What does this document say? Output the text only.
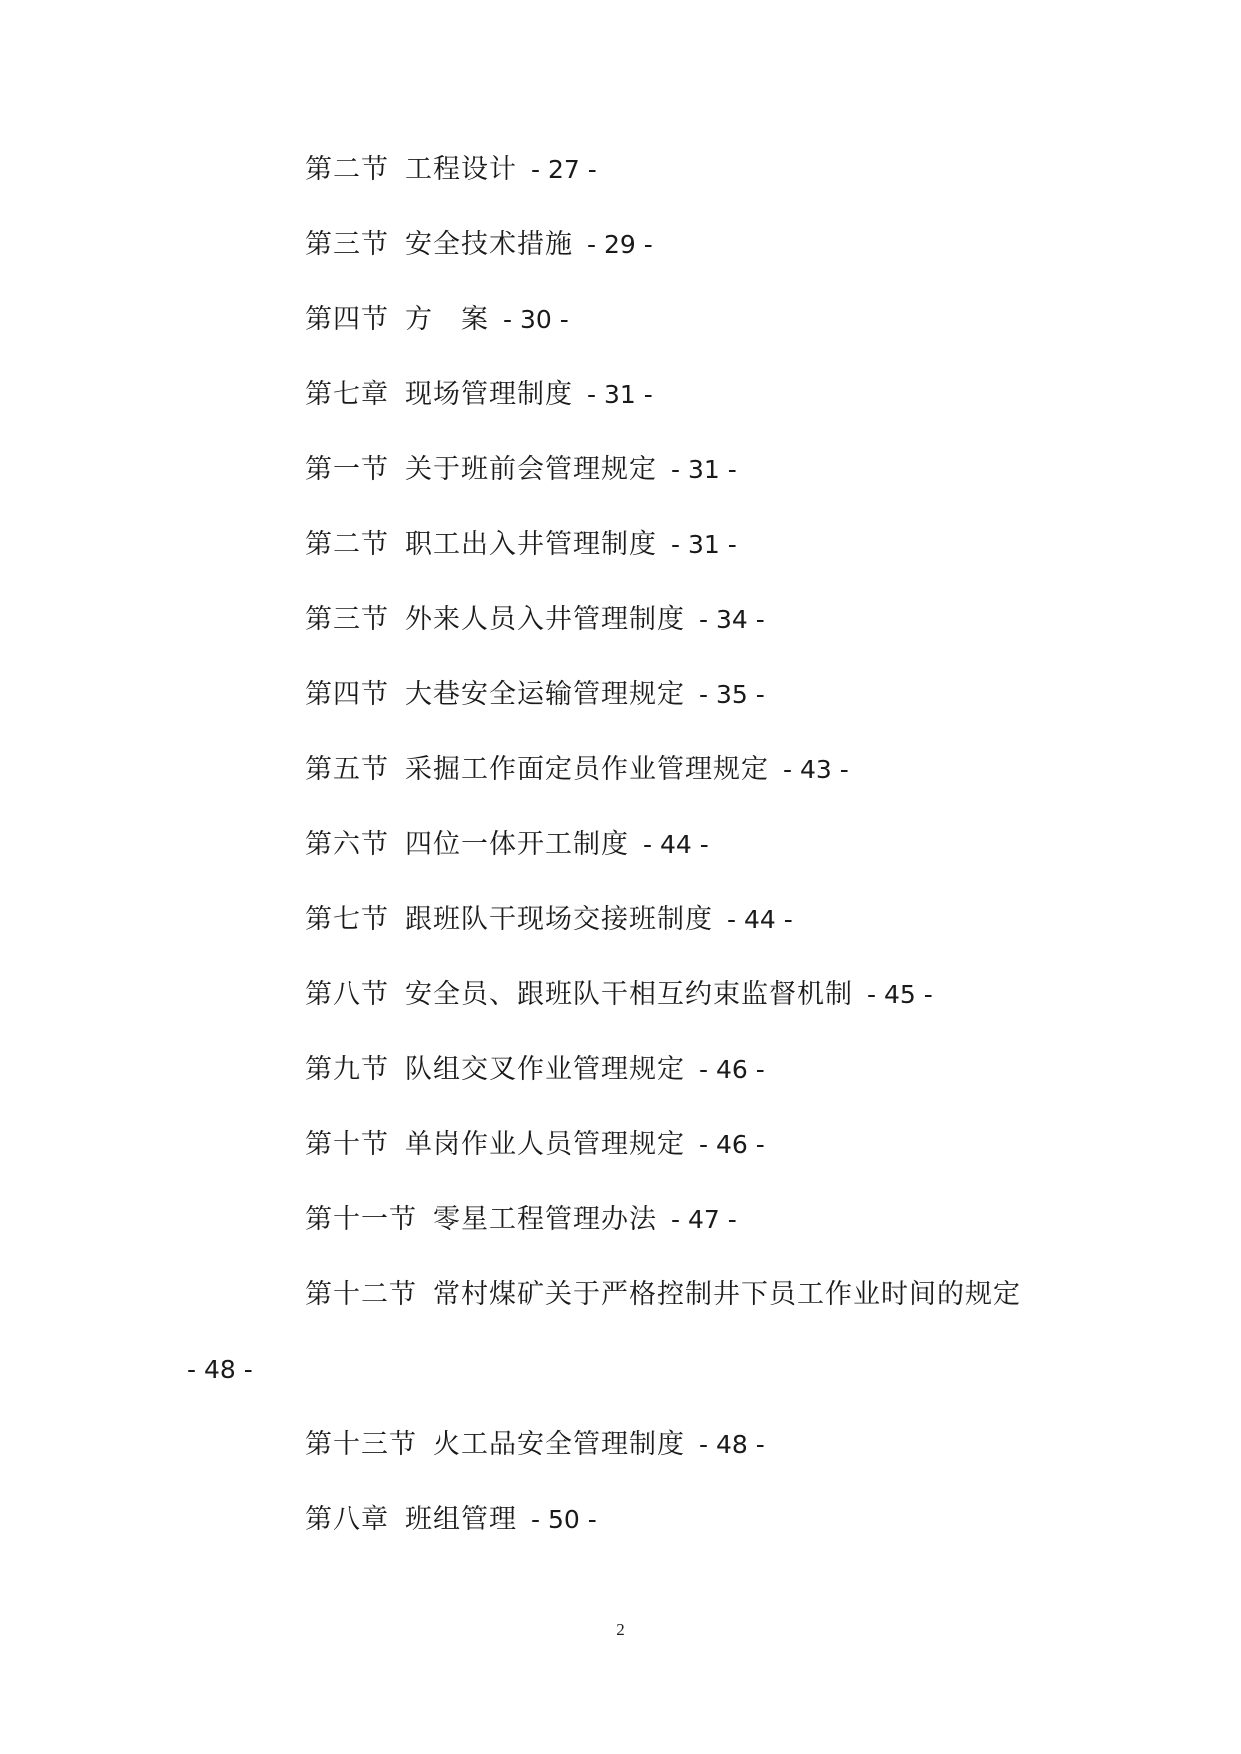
第二节 工程设计 - 27 -
第三节 安全技术措施 - 29 -
第四节 方　案 - 30 -
第七章 现场管理制度 - 31 -
第一节 关于班前会管理规定 - 31 -
第二节 职工出入井管理制度 - 31 -
第三节 外来人员入井管理制度 - 34 -
第四节 大巷安全运输管理规定 - 35 -
第五节 采掘工作面定员作业管理规定 - 43 -
第六节 四位一体开工制度 - 44 -
第七节 跟班队干现场交接班制度 - 44 -
第八节 安全员、跟班队干相互约束监督机制 - 45 -
第九节 队组交叉作业管理规定 - 46 -
第十节 单岗作业人员管理规定 - 46 -
第十一节 零星工程管理办法 - 47 -
第十二节 常村煤矿关于严格控制井下员工作业时间的规定
- 48 -
第十三节 火工品安全管理制度 - 48 -
第八章 班组管理 - 50 -
2
